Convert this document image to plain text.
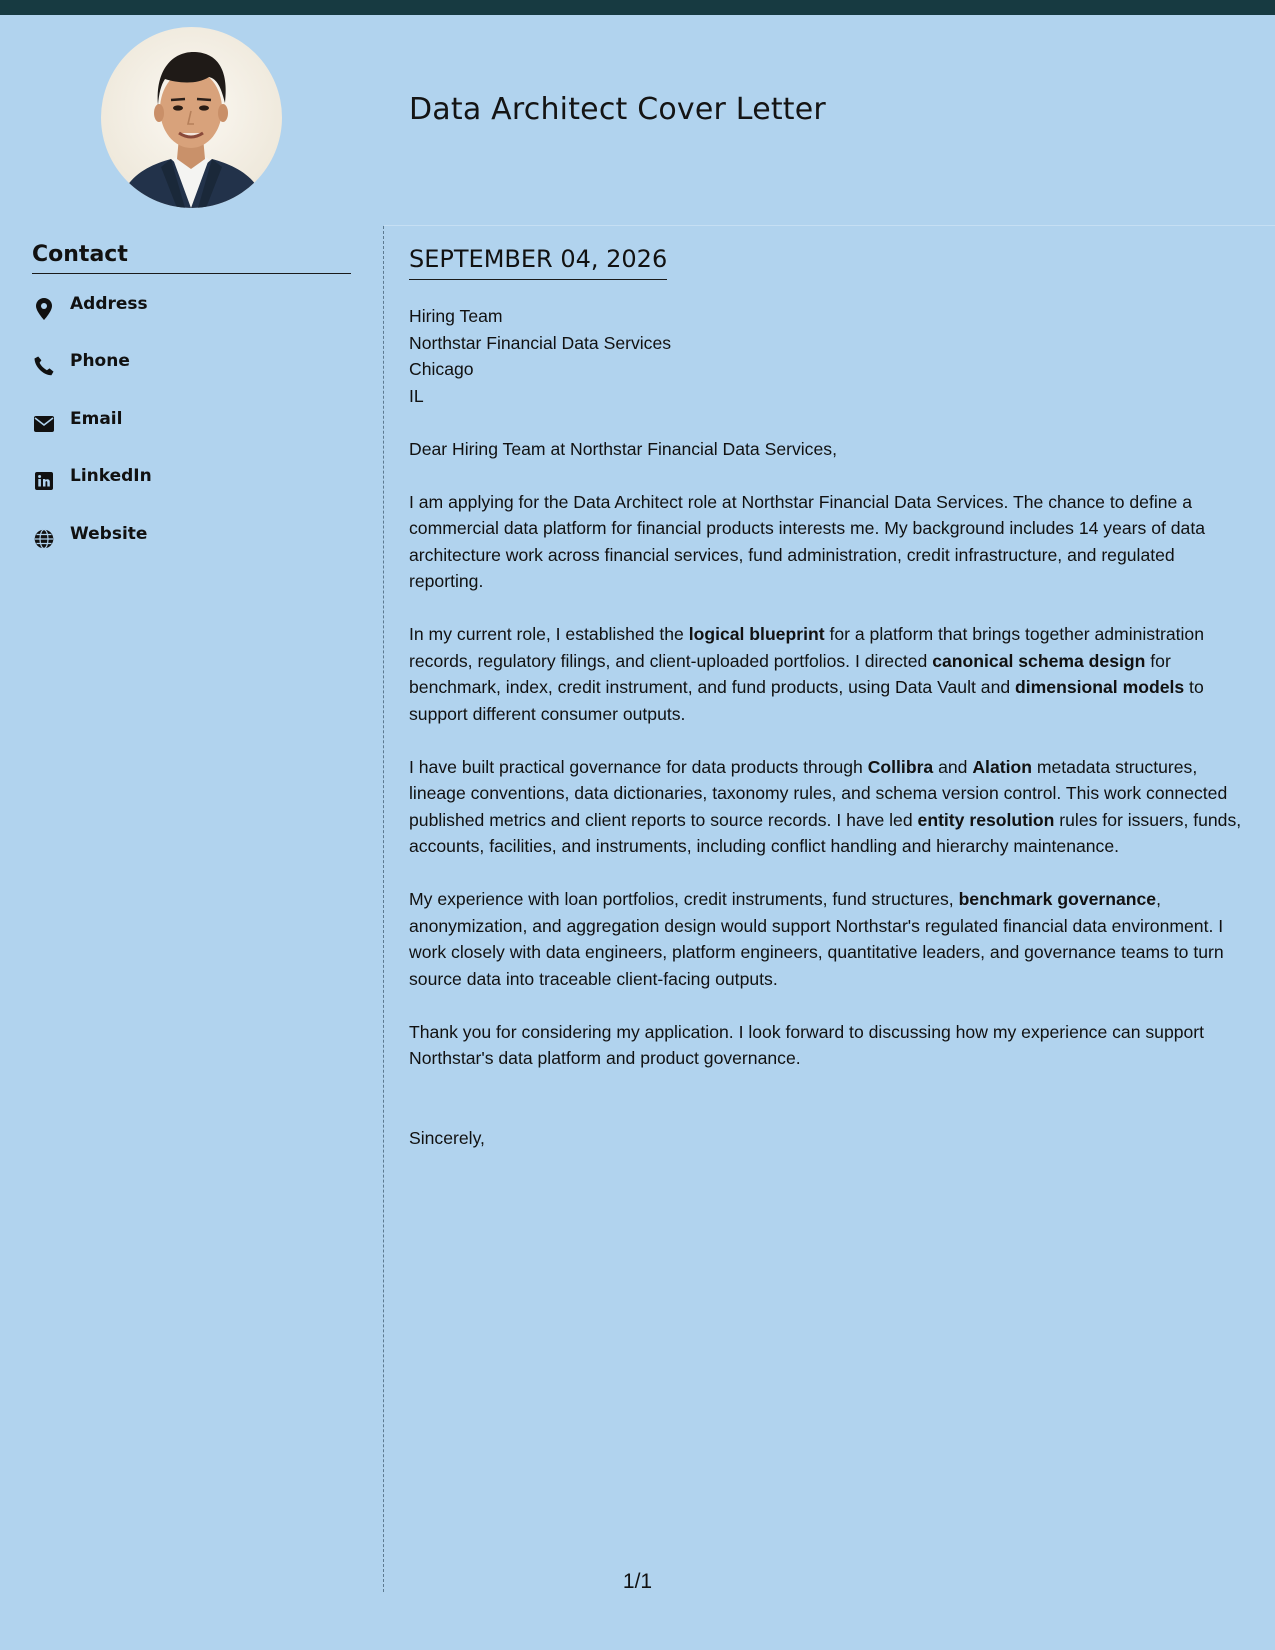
Data Architect Cover Letter
Contact
Address
Phone
Email
LinkedIn
Website
SEPTEMBER 04, 2026

Hiring Team
Northstar Financial Data Services
Chicago
IL

Dear Hiring Team at Northstar Financial Data Services,

I am applying for the Data Architect role at Northstar Financial Data Services. The chance to define a commercial data platform for financial products interests me. My background includes 14 years of data architecture work across financial services, fund administration, credit infrastructure, and regulated reporting.

In my current role, I established the logical blueprint for a platform that brings together administration records, regulatory filings, and client-uploaded portfolios. I directed canonical schema design for benchmark, index, credit instrument, and fund products, using Data Vault and dimensional models to support different consumer outputs.

I have built practical governance for data products through Collibra and Alation metadata structures, lineage conventions, data dictionaries, taxonomy rules, and schema version control. This work connected published metrics and client reports to source records. I have led entity resolution rules for issuers, funds, accounts, facilities, and instruments, including conflict handling and hierarchy maintenance.

My experience with loan portfolios, credit instruments, fund structures, benchmark governance, anonymization, and aggregation design would support Northstar's regulated financial data environment. I work closely with data engineers, platform engineers, quantitative leaders, and governance teams to turn source data into traceable client-facing outputs.

Thank you for considering my application. I look forward to discussing how my experience can support Northstar's data platform and product governance.

Sincerely,

1/1
